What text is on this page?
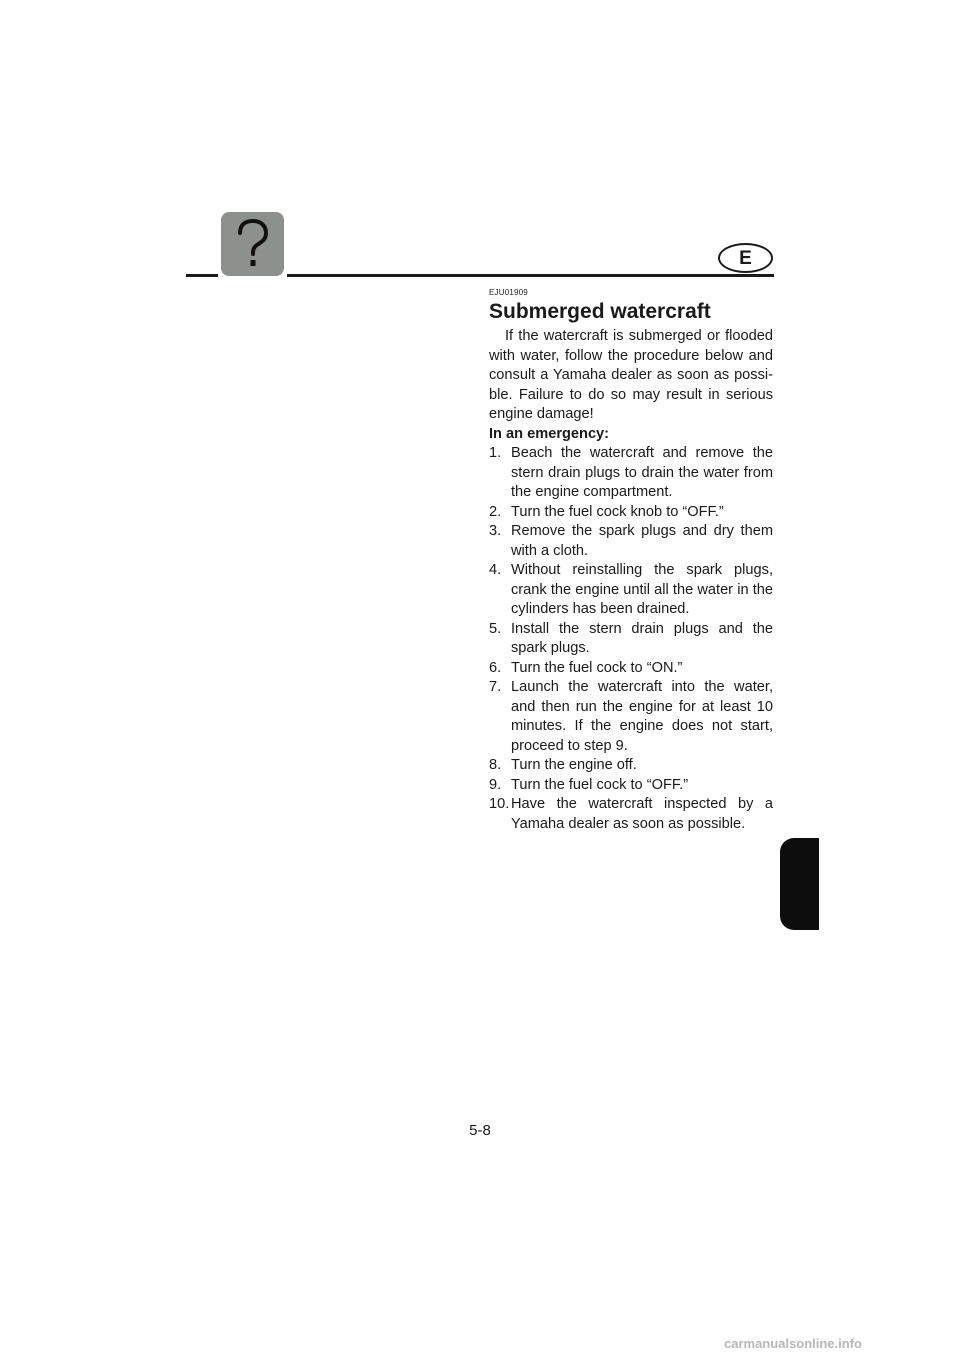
E

EJU01909

Submerged watercraft

If the watercraft is submerged or flooded with water, follow the procedure below and consult a Yamaha dealer as soon as possi-ble. Failure to do so may result in serious engine damage!

In an emergency:

1. Beach the watercraft and remove the stern drain plugs to drain the water from the engine compartment.
2. Turn the fuel cock knob to “OFF.”
3. Remove the spark plugs and dry them with a cloth.
4. Without reinstalling the spark plugs, crank the engine until all the water in the cylinders has been drained.
5. Install the stern drain plugs and the spark plugs.
6. Turn the fuel cock to “ON.”
7. Launch the watercraft into the water, and then run the engine for at least 10 minutes. If the engine does not start, proceed to step 9.
8. Turn the engine off.
9. Turn the fuel cock to “OFF.”
10. Have the watercraft inspected by a Yamaha dealer as soon as possible.
5-8
carmanualsonline.info
